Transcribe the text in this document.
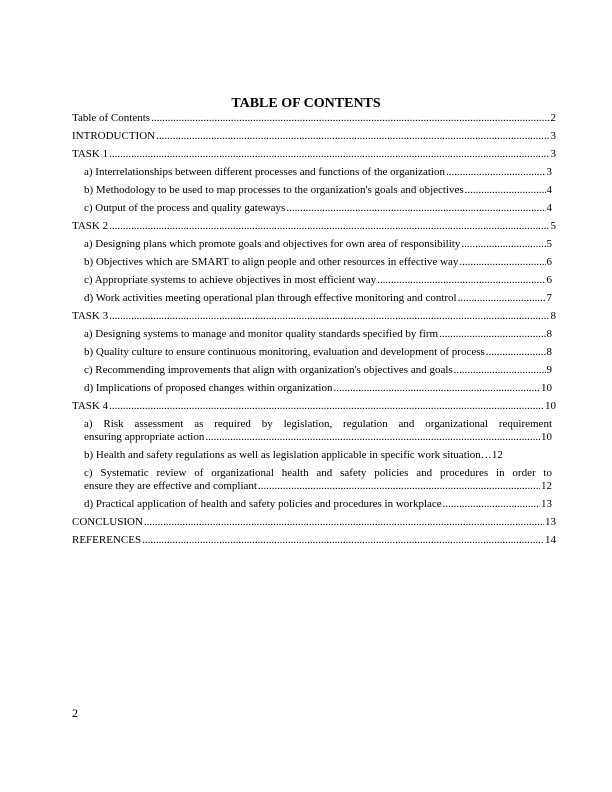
TABLE OF CONTENTS
Table of Contents .....	2
INTRODUCTION .....	3
TASK 1 .....	3
a) Interrelationships between different processes and functions of the organization .....	3
b) Methodology to be used to map processes to the organization's goals and objectives .....	4
c) Output of the process and quality gateways .....	4
TASK 2 .....	5
a) Designing plans which promote goals and objectives for own area of responsibility .....	5
b) Objectives which are SMART to align people and other resources in effective way .....	6
c) Appropriate systems to achieve objectives in most efficient way .....	6
d) Work activities meeting operational plan through effective monitoring and control .....	7
TASK 3 .....	8
a) Designing systems to manage and monitor quality standards specified by firm .....	8
b) Quality culture to ensure continuous monitoring, evaluation and development of process .....	8
c) Recommending improvements that align with organization's objectives and goals .....	9
d) Implications of proposed changes within organization .....	10
TASK 4 .....	10
a) Risk assessment as required by legislation, regulation and organizational requirement
ensuring appropriate action .....	10
b) Health and safety regulations as well as legislation applicable in specific work situation… 12
c) Systematic review of organizational health and safety policies and procedures in order to
ensure they are effective and compliant .....	12
d) Practical application of health and safety policies and procedures in workplace .....	13
CONCLUSION .....	13
REFERENCES .....	14
2
